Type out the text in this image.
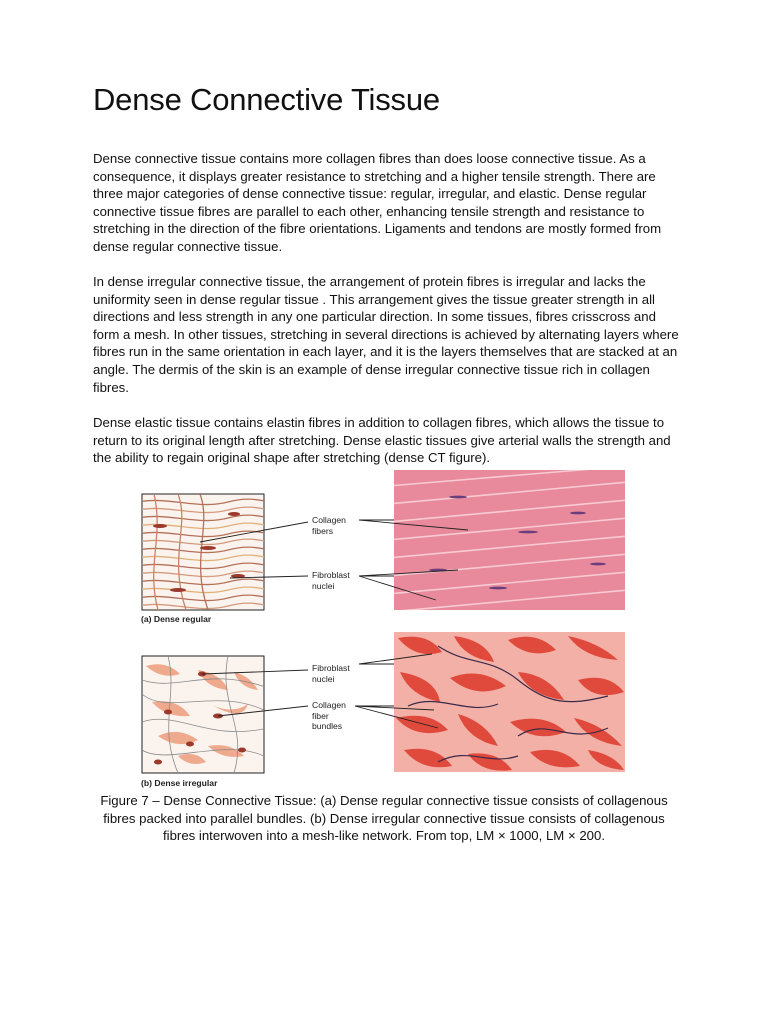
Dense Connective Tissue

Dense connective tissue contains more collagen fibres than does loose connective tissue. As a consequence, it displays greater resistance to stretching and a higher tensile strength. There are three major categories of dense connective tissue: regular, irregular, and elastic. Dense regular connective tissue fibres are parallel to each other, enhancing tensile strength and resistance to stretching in the direction of the fibre orientations. Ligaments and tendons are mostly formed from dense regular connective tissue.

In dense irregular connective tissue, the arrangement of protein fibres is irregular and lacks the uniformity seen in dense regular tissue . This arrangement gives the tissue greater strength in all directions and less strength in any one particular direction. In some tissues, fibres crisscross and form a mesh. In other tissues, stretching in several directions is achieved by alternating layers where fibres run in the same orientation in each layer, and it is the layers themselves that are stacked at an angle. The dermis of the skin is an example of dense irregular connective tissue rich in collagen fibres.

Dense elastic tissue contains elastin fibres in addition to collagen fibres, which allows the tissue to return to its original length after stretching. Dense elastic tissues give arterial walls the strength and the ability to regain original shape after stretching (dense CT figure).

Collagen
fibers
Fibroblast
nuclei
(a) Dense regular
Fibroblast
nuclei
Collagen
fiber
bundles
(b) Dense irregular

Figure 7 – Dense Connective Tissue: (a) Dense regular connective tissue consists of collagenous fibres packed into parallel bundles. (b) Dense irregular connective tissue consists of collagenous fibres interwoven into a mesh-like network. From top, LM × 1000, LM × 200.
